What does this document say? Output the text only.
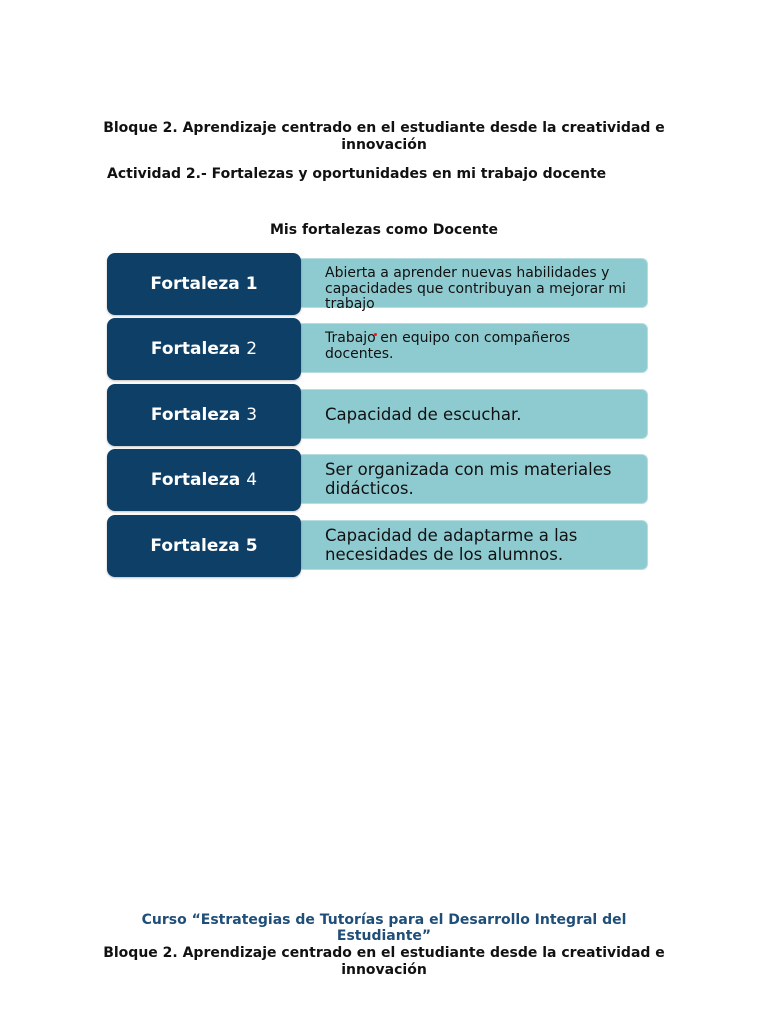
Bloque 2. Aprendizaje centrado en el estudiante desde la creatividad e innovación
Actividad 2.- Fortalezas y oportunidades en mi trabajo docente
Mis fortalezas como Docente
Fortaleza 1
Abierta a aprender nuevas habilidades y capacidades que contribuyan a mejorar mi trabajo
Fortaleza 2
Trabajo en equipo con compañeros docentes.
Fortaleza 3	Capacidad de escuchar.
Fortaleza 4
Ser organizada con mis materiales didácticos.
Fortaleza 5
Capacidad de adaptarme a las necesidades de los alumnos.
Curso “Estrategias de Tutorías para el Desarrollo Integral del Estudiante”
Bloque 2. Aprendizaje centrado en el estudiante desde la creatividad e innovación
